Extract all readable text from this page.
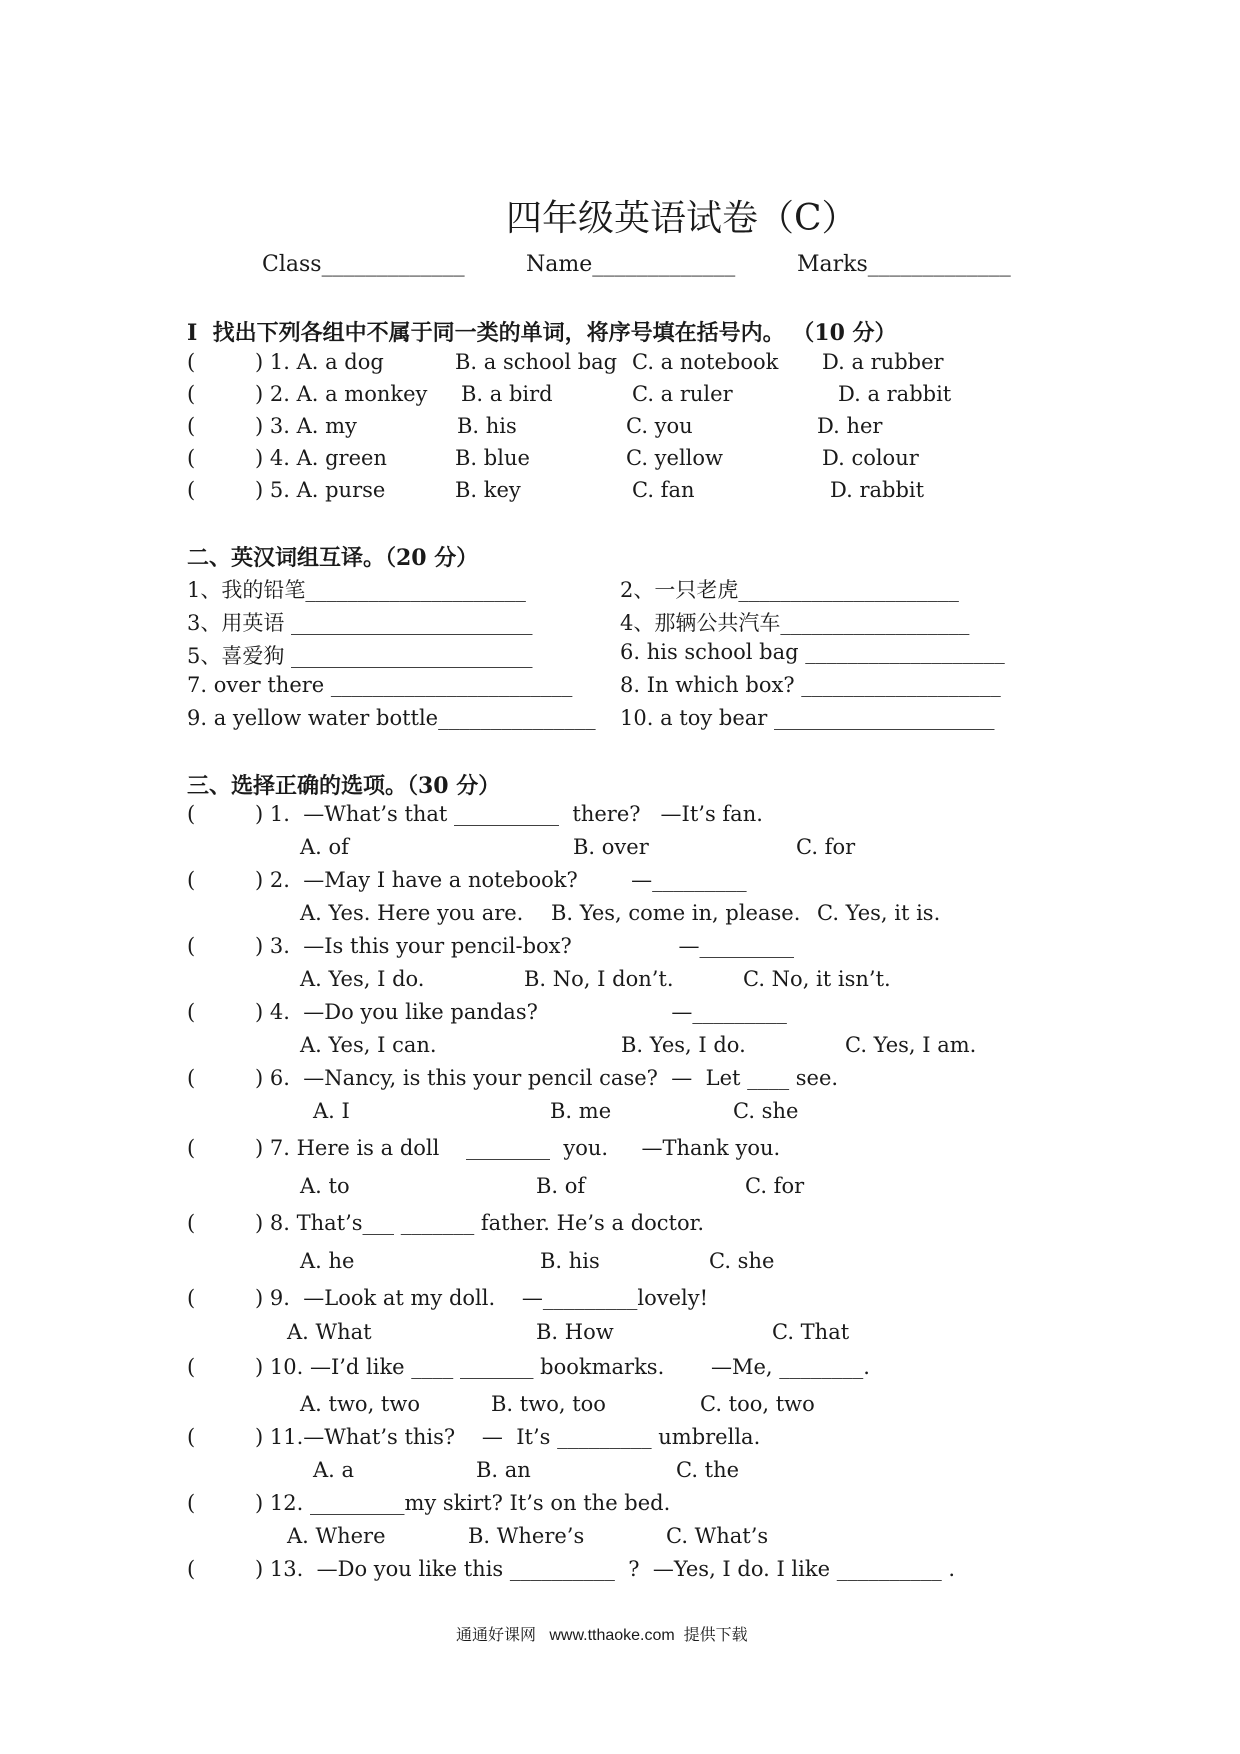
四年级英语试卷（C）
Class_____________	Name_____________	Marks_____________
I  找出下列各组中不属于同一类的单词，将序号填在括号内。 （10 分）
(	) 1. A. a dog	B. a school bag C. a notebook D. a rubber
(	) 2. A. a monkey B. a bird	C. a ruler	D. a rabbit
(	) 3. A. my	B. his	C. you	D. her
(	) 4. A. green	B. blue	C. yellow	D. colour
(	) 5. A. purse	B. key	C. fan	D. rabbit
二、英汉词组互译。（20 分）
1、我的铅笔_____________________	2、一只老虎_____________________
3、用英语 _______________________	4、那辆公共汽车__________________
5、喜爱狗 _______________________	6. his school bag ___________________
7. over there _______________________ 8. In which box? ___________________
9. a yellow water bottle_______________ 10. a toy bear _____________________
三、选择正确的选项。（30 分）
(	) 1.  —What’s that __________  there?   —It’s fan.
A. of	B. over	C. for
(	) 2.  —May I have a notebook?        —_________
A. Yes. Here you are. B. Yes, come in, please. C. Yes, it is.
(	) 3.  —Is this your pencil-box?                —_________
A. Yes, I do.	B. No, I don’t.	C. No, it isn’t.
(	) 4.  —Do you like pandas?                    —_________
A. Yes, I can.	B. Yes, I do.	C. Yes, I am.
(	) 6.  —Nancy, is this your pencil case?  —  Let ____ see.
A. I	B. me	C. she
(	) 7. Here is a doll    ________  you.     —Thank you.
A. to	B. of	C. for
(	) 8. That’s___ _______ father. He’s a doctor.
A. he	B. his	C. she
(	) 9.  —Look at my doll.    —_________lovely!
A. What	B. How	C. That
(	) 10. —I’d like ____ _______ bookmarks.       —Me, ________.
A. two, two	B. two, too	C. too, two
(	) 11.—What’s this?    —  It’s _________ umbrella.
A. a	B. an	C. the
(	) 12. _________my skirt? It’s on the bed.
A. Where	B. Where’s	C. What’s
(	) 13.  —Do you like this __________  ?  —Yes, I do. I like __________ .
通通好课网   www.tthaoke.com  提供下载
